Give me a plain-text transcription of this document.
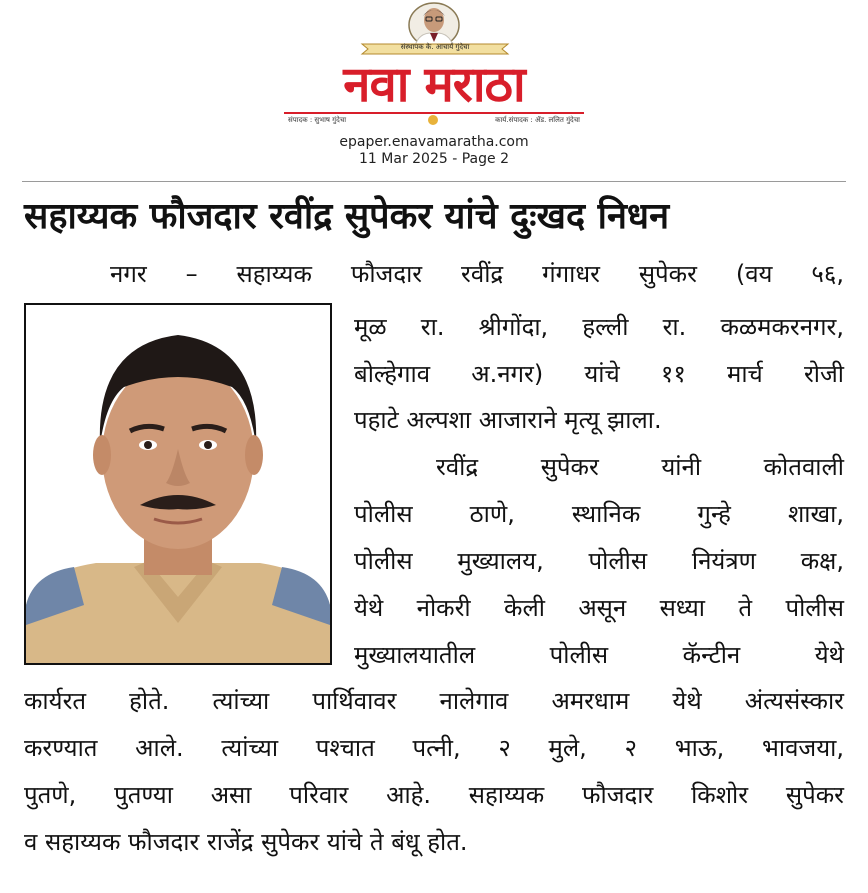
संस्थापक के. आचार्य गुंदेचा
नवा मराठा
संपादक : सुभाष गुंदेचा	कार्य.संपादक : ॲड. ललित गुंदेचा
epaper.enavamaratha.com
11 Mar 2025 - Page 2
सहाय्यक फौजदार रवींद्र सुपेकर यांचे दुःखद निधन
नगर – सहाय्यक फौजदार रवींद्र गंगाधर सुपेकर (वय ५६,
मूळ रा. श्रीगोंदा, हल्ली रा. कळमकरनगर,
बोल्हेगाव अ.नगर) यांचे ११ मार्च रोजी
पहाटे अल्पशा आजाराने मृत्यू झाला.
रवींद्र सुपेकर यांनी कोतवाली
पोलीस ठाणे, स्थानिक गुन्हे शाखा,
पोलीस मुख्यालय, पोलीस नियंत्रण कक्ष,
येथे नोकरी केली असून सध्या ते पोलीस
मुख्यालयातील पोलीस कॅन्टीन येथे
कार्यरत होते. त्यांच्या पार्थिवावर नालेगाव अमरधाम येथे अंत्यसंस्कार
करण्यात आले. त्यांच्या पश्चात पत्नी, २ मुले, २ भाऊ, भावजया,
पुतणे, पुतण्या असा परिवार आहे. सहाय्यक फौजदार किशोर सुपेकर
व सहाय्यक फौजदार राजेंद्र सुपेकर यांचे ते बंधू होत.
